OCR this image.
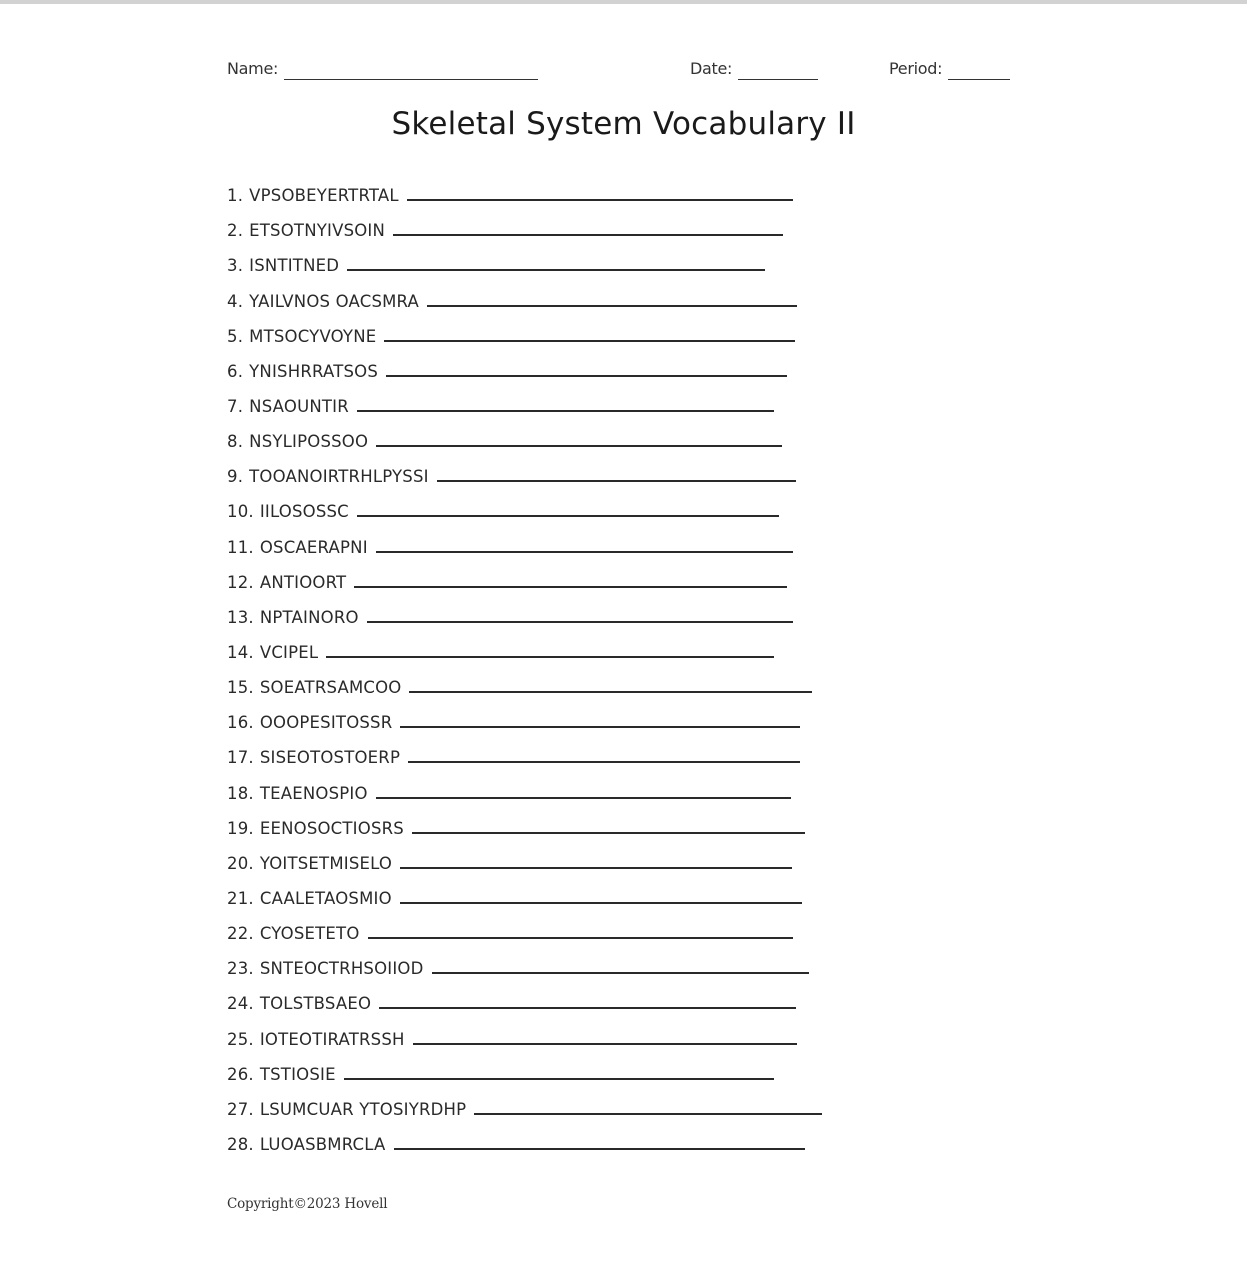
Name:	Date:	Period:
Skeletal System Vocabulary II
1. VPSOBEYERTRTAL
2. ETSOTNYIVSOIN
3. ISNTITNED
4. YAILVNOS OACSMRA
5. MTSOCYVOYNE
6. YNISHRRATSOS
7. NSAOUNTIR
8. NSYLIPOSSOO
9. TOOANOIRTRHLPYSSI
10. IILOSOSSC
11. OSCAERAPNI
12. ANTIOORT
13. NPTAINORO
14. VCIPEL
15. SOEATRSAMCOO
16. OOOPESITOSSR
17. SISEOTOSTOERP
18. TEAENOSPIO
19. EENOSOCTIOSRS
20. YOITSETMISELO
21. CAALETAOSMIO
22. CYOSETETO
23. SNTEOCTRHSOIIOD
24. TOLSTBSAEO
25. IOTEOTIRATRSSH
26. TSTIOSIE
27. LSUMCUAR YTOSIYRDHP
28. LUOASBMRCLA
Copyright©2023 Hovell
